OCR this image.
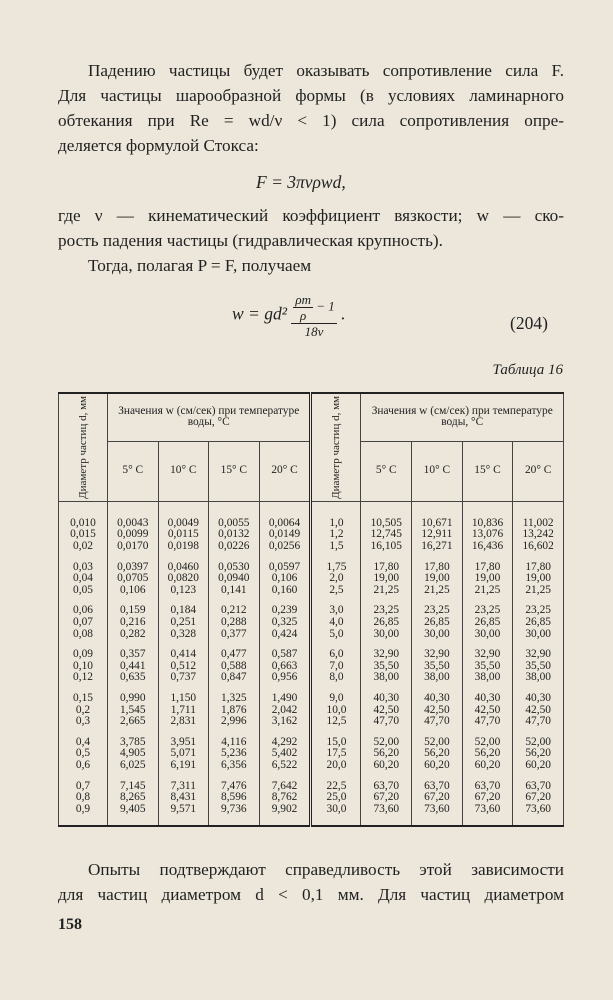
Падению частицы будет оказывать сопротивление сила F.
Для частицы шарообразной формы (в условиях ламинарного
обтекания при Re = wd/ν < 1) сила сопротивления опре-
деляется формулой Стокса:
F = 3πνρwd,
где ν — кинематический коэффициент вязкости; w — ско-
рость падения частицы (гидравлическая крупность).
Тогда, полагая P = F, получаем
$w = gd^2 \frac{\frac{\rho т}{\rho} - 1}{18\nu}$ .	(204)
Таблица 16
Диаметр частиц d, мм	Значения w (см/сек) при температуре воды, °С				Диаметр частиц d, мм	Значения w (см/сек) при температуре воды, °С			
	5° С	10° С	15° С	20° С		5° С	10° С	15° С	20° С

0,010	0,0043	0,0049	0,0055	0,0064	1,0	10,505	10,671	10,836	11,002
0,015	0,0099	0,0115	0,0132	0,0149	1,2	12,745	12,911	13,076	13,242
0,02	0,0170	0,0198	0,0226	0,0256	1,5	16,105	16,271	16,436	16,602

0,03	0,0397	0,0460	0,0530	0,0597	1,75	17,80	17,80	17,80	17,80
0,04	0,0705	0,0820	0,0940	0,106	2,0	19,00	19,00	19,00	19,00
0,05	0,106	0,123	0,141	0,160	2,5	21,25	21,25	21,25	21,25

0,06	0,159	0,184	0,212	0,239	3,0	23,25	23,25	23,25	23,25
0,07	0,216	0,251	0,288	0,325	4,0	26,85	26,85	26,85	26,85
0,08	0,282	0,328	0,377	0,424	5,0	30,00	30,00	30,00	30,00

0,09	0,357	0,414	0,477	0,587	6,0	32,90	32,90	32,90	32,90
0,10	0,441	0,512	0,588	0,663	7,0	35,50	35,50	35,50	35,50
0,12	0,635	0,737	0,847	0,956	8,0	38,00	38,00	38,00	38,00

0,15	0,990	1,150	1,325	1,490	9,0	40,30	40,30	40,30	40,30
0,2	1,545	1,711	1,876	2,042	10,0	42,50	42,50	42,50	42,50
0,3	2,665	2,831	2,996	3,162	12,5	47,70	47,70	47,70	47,70

0,4	3,785	3,951	4,116	4,292	15,0	52,00	52,00	52,00	52,00
0,5	4,905	5,071	5,236	5,402	17,5	56,20	56,20	56,20	56,20
0,6	6,025	6,191	6,356	6,522	20,0	60,20	60,20	60,20	60,20

0,7	7,145	7,311	7,476	7,642	22,5	63,70	63,70	63,70	63,70
0,8	8,265	8,431	8,596	8,762	25,0	67,20	67,20	67,20	67,20
0,9	9,405	9,571	9,736	9,902	30,0	73,60	73,60	73,60	73,60

Опыты подтверждают справедливость этой зависимости
для частиц диаметром d < 0,1 мм. Для частиц диаметром
158
